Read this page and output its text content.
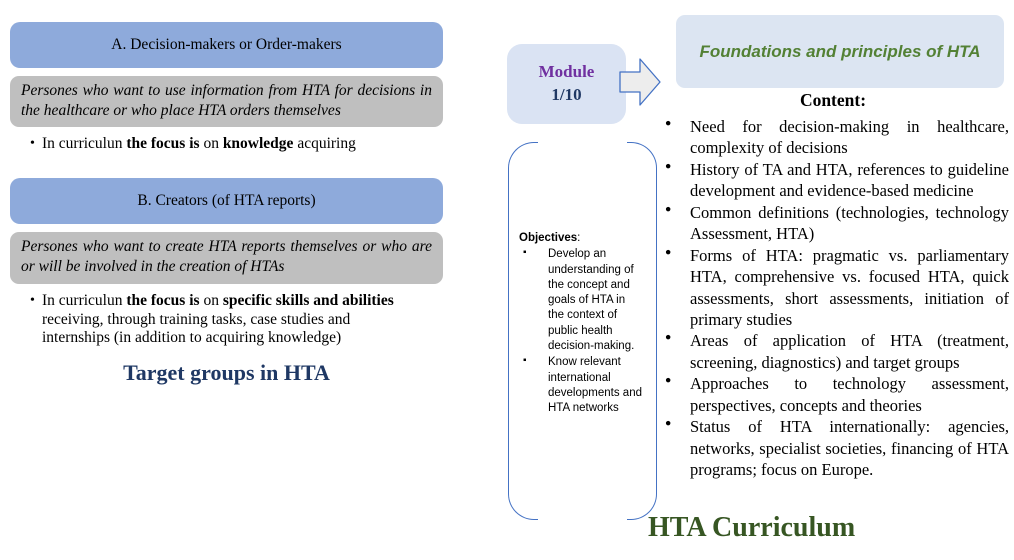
A. Decision-makers or Order-makers
Persones who want to use information from HTA for decisions in the healthcare or who place HTA orders themselves
• In curriculun the focus is on knowledge acquiring
B. Creators (of HTA reports)
Persones who want to create HTA reports themselves or who are or will be involved in the creation of HTAs
• In curriculun the focus is on specific skills and abilities receiving, through training tasks, case studies and internships (in addition to acquiring knowledge)
Target groups in HTA
Module
1/10
Objectives:
▪ Develop an understanding of the concept and goals of HTA in the context of public health decision-making.
▪ Know relevant international developments and HTA networks
Foundations and principles of HTA
Content:
● Need for decision-making in healthcare, complexity of decisions
● History of TA and HTA, references to guideline development and evidence-based medicine
● Common definitions (technologies, technology Assessment, HTA)
● Forms of HTA: pragmatic vs. parliamentary HTA, comprehensive vs. focused HTA, quick assessments, short assessments, initiation of primary studies
● Areas of application of HTA (treatment, screening, diagnostics) and target groups
● Approaches to technology assessment, perspectives, concepts and theories
● Status of HTA internationally: agencies, networks, specialist societies, financing of HTA programs; focus on Europe.
HTA Curriculum
